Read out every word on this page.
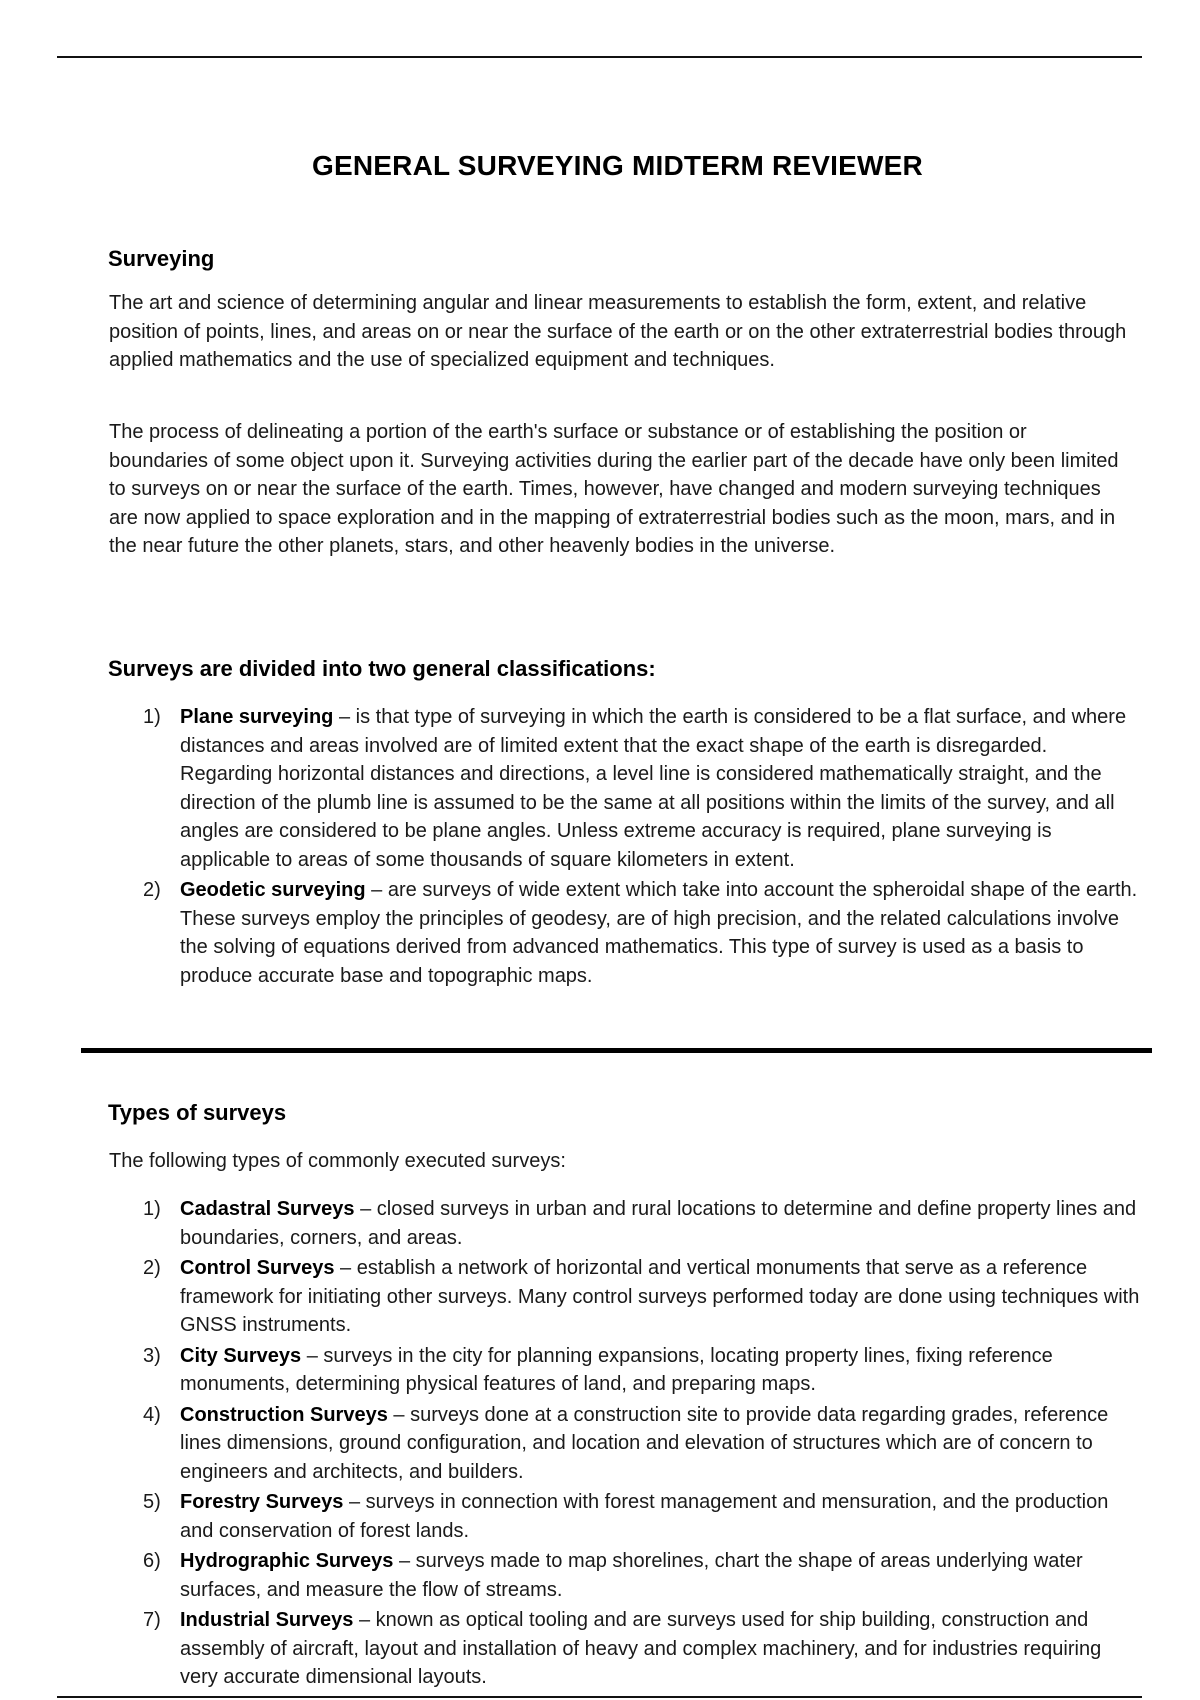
GENERAL SURVEYING MIDTERM REVIEWER
Surveying

The art and science of determining angular and linear measurements to establish the form, extent, and relative position of points, lines, and areas on or near the surface of the earth or on the other extraterrestrial bodies through applied mathematics and the use of specialized equipment and techniques.

The process of delineating a portion of the earth's surface or substance or of establishing the position or boundaries of some object upon it. Surveying activities during the earlier part of the decade have only been limited to surveys on or near the surface of the earth. Times, however, have changed and modern surveying techniques are now applied to space exploration and in the mapping of extraterrestrial bodies such as the moon, mars, and in the near future the other planets, stars, and other heavenly bodies in the universe.

Surveys are divided into two general classifications:
1) Plane surveying – is that type of surveying in which the earth is considered to be a flat surface, and where distances and areas involved are of limited extent that the exact shape of the earth is disregarded. Regarding horizontal distances and directions, a level line is considered mathematically straight, and the direction of the plumb line is assumed to be the same at all positions within the limits of the survey, and all angles are considered to be plane angles. Unless extreme accuracy is required, plane surveying is applicable to areas of some thousands of square kilometers in extent.
2) Geodetic surveying – are surveys of wide extent which take into account the spheroidal shape of the earth. These surveys employ the principles of geodesy, are of high precision, and the related calculations involve the solving of equations derived from advanced mathematics. This type of survey is used as a basis to produce accurate base and topographic maps.
Types of surveys

The following types of commonly executed surveys:

1) Cadastral Surveys – closed surveys in urban and rural locations to determine and define property lines and boundaries, corners, and areas.
2) Control Surveys – establish a network of horizontal and vertical monuments that serve as a reference framework for initiating other surveys. Many control surveys performed today are done using techniques with GNSS instruments.
3) City Surveys – surveys in the city for planning expansions, locating property lines, fixing reference monuments, determining physical features of land, and preparing maps.
4) Construction Surveys – surveys done at a construction site to provide data regarding grades, reference lines dimensions, ground configuration, and location and elevation of structures which are of concern to engineers and architects, and builders.
5) Forestry Surveys – surveys in connection with forest management and mensuration, and the production and conservation of forest lands.
6) Hydrographic Surveys – surveys made to map shorelines, chart the shape of areas underlying water surfaces, and measure the flow of streams.
7) Industrial Surveys – known as optical tooling and are surveys used for ship building, construction and assembly of aircraft, layout and installation of heavy and complex machinery, and for industries requiring very accurate dimensional layouts.
